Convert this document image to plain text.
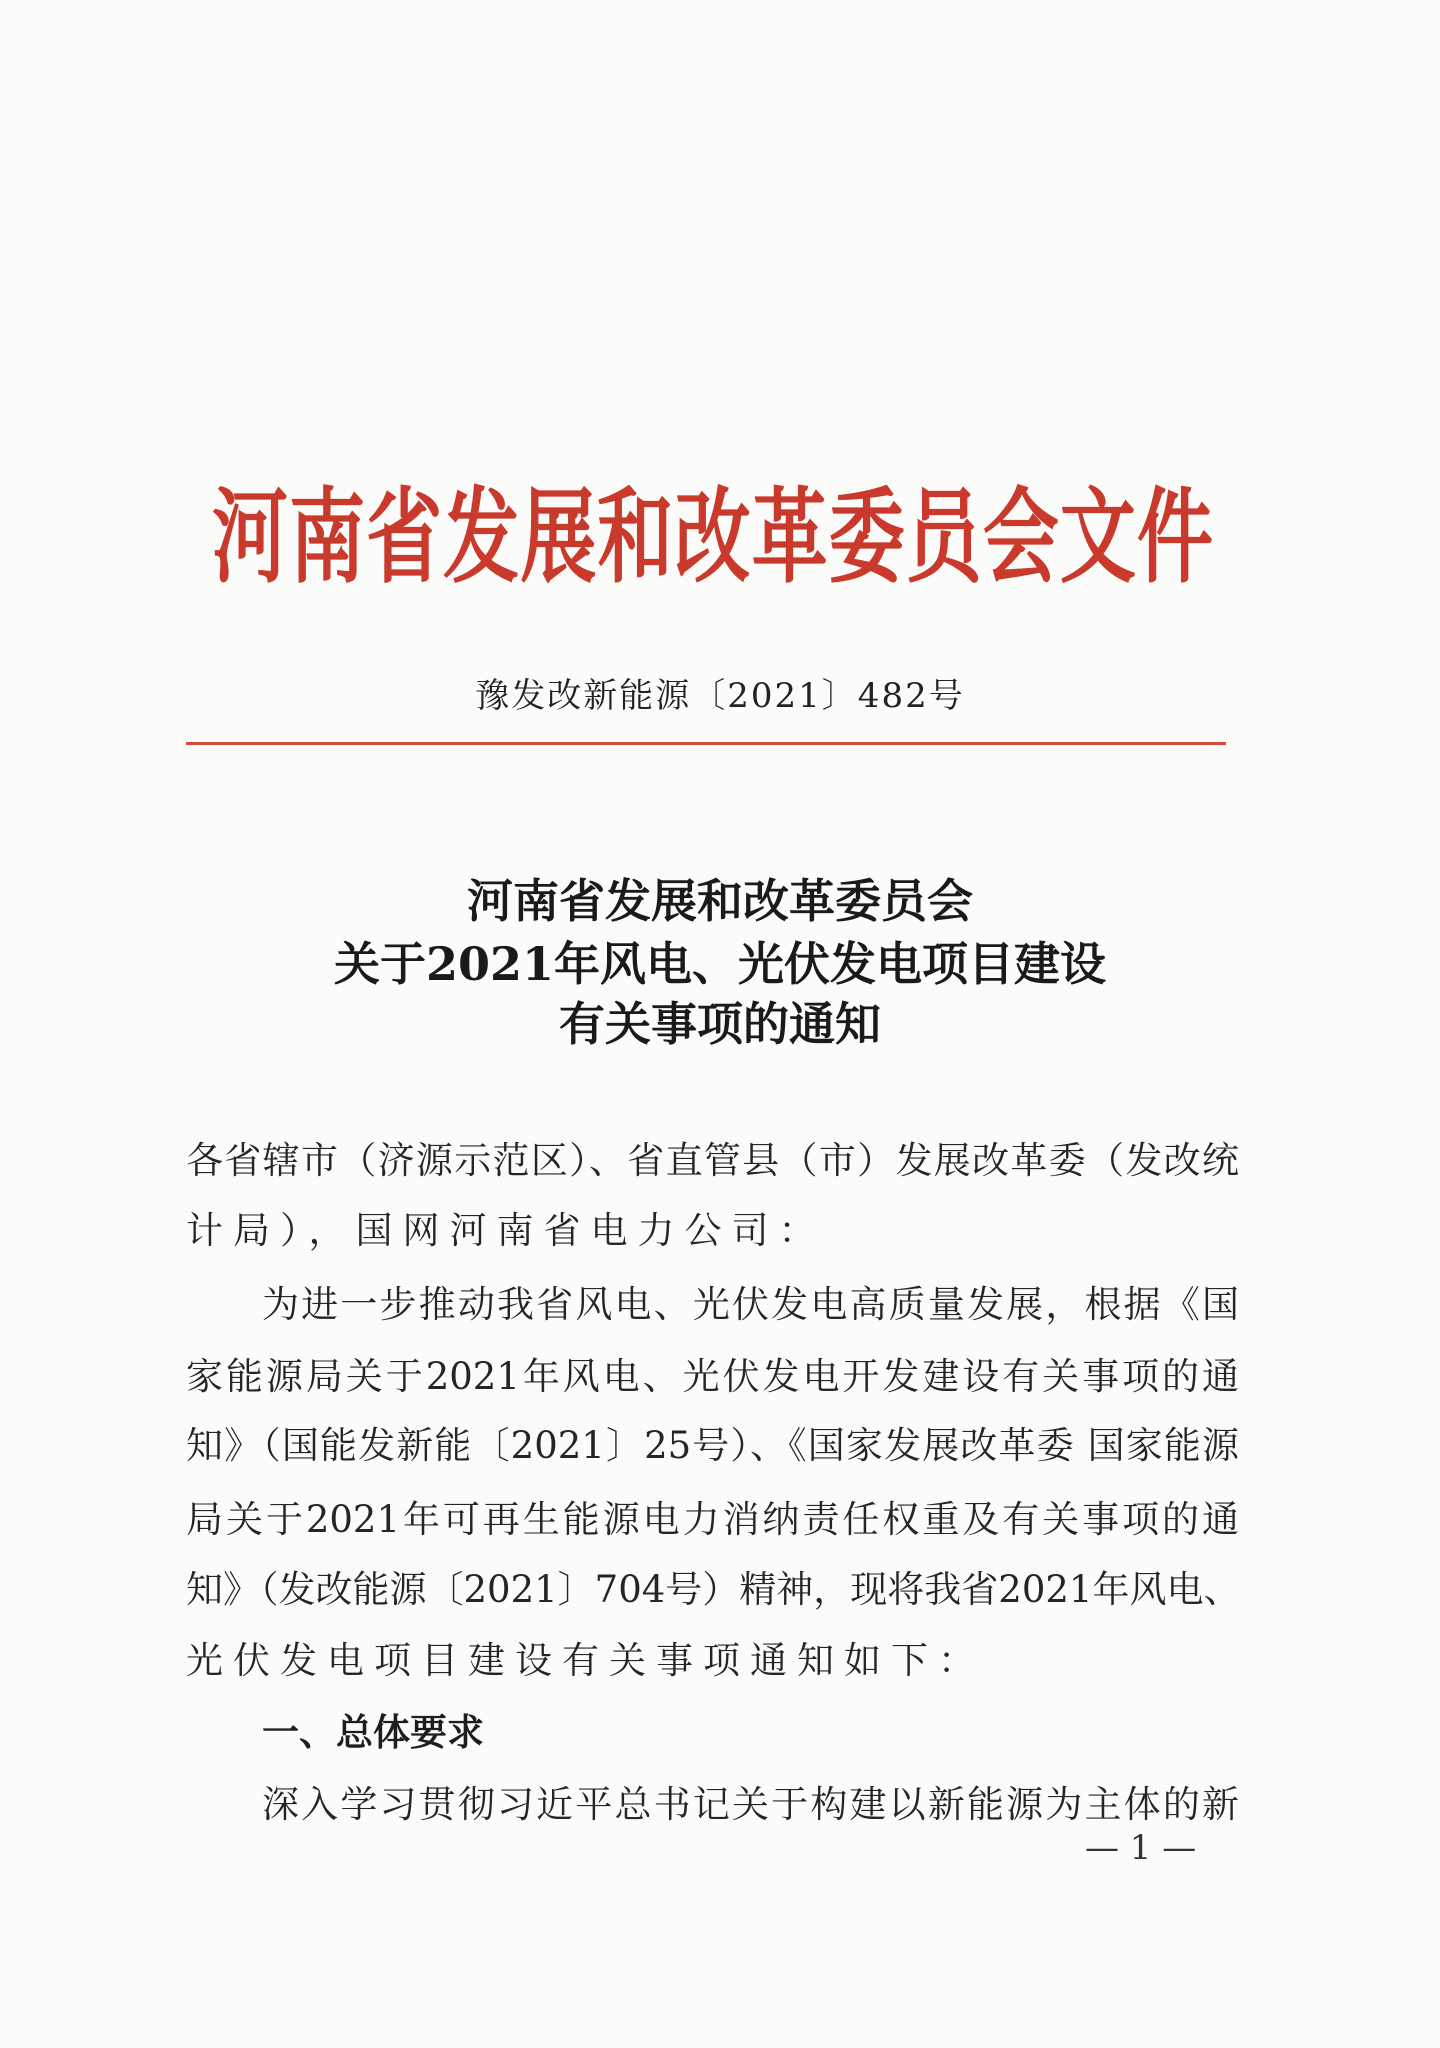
河南省发展和改革委员会文件
豫发改新能源〔2021〕482号
河南省发展和改革委员会
关于2021年风电、光伏发电项目建设
有关事项的通知
各省辖市（济源示范区）、省直管县（市）发展改革委（发改统
计局），国网河南省电力公司：
为进一步推动我省风电、光伏发电高质量发展，根据《国
家能源局关于2021年风电、光伏发电开发建设有关事项的通
知》（国能发新能〔2021〕25号）、《国家发展改革委 国家能源
局关于2021年可再生能源电力消纳责任权重及有关事项的通
知》（发改能源〔2021〕704号）精神，现将我省2021年风电、
光伏发电项目建设有关事项通知如下：
一、总体要求
深入学习贯彻习近平总书记关于构建以新能源为主体的新
— 1 —
